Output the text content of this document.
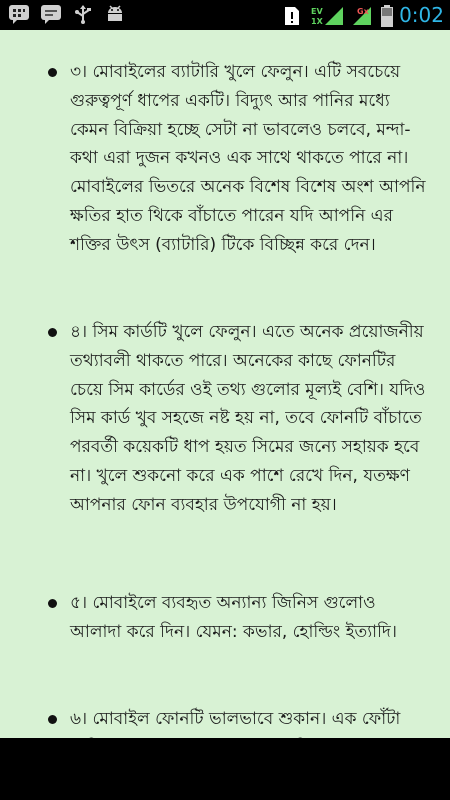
EV
1X
Gx 0:02

৩। মোবাইলের ব্যাটারি খুলে ফেলুন। এটি সবচেয়ে গুরুত্বপূর্ণ ধাপের একটি। বিদ্যুৎ আর পানির মধ্যে কেমন বিক্রিয়া হচ্ছে সেটা না ভাবলেও চলবে, মন্দা-কথা এরা দুজন কখনও এক সাথে থাকতে পারে না। মোবাইলের ভিতরে অনেক বিশেষ বিশেষ অংশ আপনি ক্ষতির হাত থিকে বাঁচাতে পারেন যদি আপনি এর শক্তির উৎস (ব্যাটারি) টিকে বিচ্ছিন্ন করে দেন।

৪। সিম কার্ডটি খুলে ফেলুন। এতে অনেক প্রয়োজনীয় তথ্যাবলী থাকতে পারে। অনেকের কাছে ফোনটির চেয়ে সিম কার্ডের ওই তথ্য গুলোর মূল্যই বেশি। যদিও সিম কার্ড খুব সহজে নষ্ট হয় না, তবে ফোনটি বাঁচাতে পরবর্তী কয়েকটি ধাপ হয়ত সিমের জন্যে সহায়ক হবে না। খুলে শুকনো করে এক পাশে রেখে দিন, যতক্ষণ আপনার ফোন ব্যবহার উপযোগী না হয়।

৫। মোবাইলে ব্যবহৃত অন্যান্য জিনিস গুলোও আলাদা করে দিন। যেমন: কভার, হোল্ডিং ইত্যাদি।

৬। মোবাইল ফোনটি ভালভাবে শুকান। এক ফোঁটা
